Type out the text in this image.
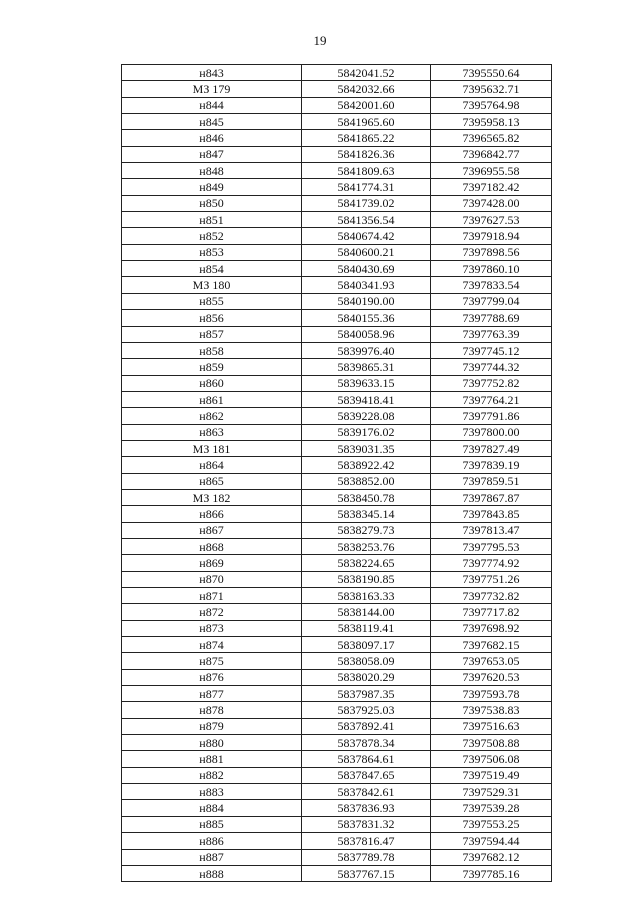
19
н843	5842041.52	7395550.64
МЗ 179	5842032.66	7395632.71
н844	5842001.60	7395764.98
н845	5841965.60	7395958.13
н846	5841865.22	7396565.82
н847	5841826.36	7396842.77
н848	5841809.63	7396955.58
н849	5841774.31	7397182.42
н850	5841739.02	7397428.00
н851	5841356.54	7397627.53
н852	5840674.42	7397918.94
н853	5840600.21	7397898.56
н854	5840430.69	7397860.10
МЗ 180	5840341.93	7397833.54
н855	5840190.00	7397799.04
н856	5840155.36	7397788.69
н857	5840058.96	7397763.39
н858	5839976.40	7397745.12
н859	5839865.31	7397744.32
н860	5839633.15	7397752.82
н861	5839418.41	7397764.21
н862	5839228.08	7397791.86
н863	5839176.02	7397800.00
МЗ 181	5839031.35	7397827.49
н864	5838922.42	7397839.19
н865	5838852.00	7397859.51
МЗ 182	5838450.78	7397867.87
н866	5838345.14	7397843.85
н867	5838279.73	7397813.47
н868	5838253.76	7397795.53
н869	5838224.65	7397774.92
н870	5838190.85	7397751.26
н871	5838163.33	7397732.82
н872	5838144.00	7397717.82
н873	5838119.41	7397698.92
н874	5838097.17	7397682.15
н875	5838058.09	7397653.05
н876	5838020.29	7397620.53
н877	5837987.35	7397593.78
н878	5837925.03	7397538.83
н879	5837892.41	7397516.63
н880	5837878.34	7397508.88
н881	5837864.61	7397506.08
н882	5837847.65	7397519.49
н883	5837842.61	7397529.31
н884	5837836.93	7397539.28
н885	5837831.32	7397553.25
н886	5837816.47	7397594.44
н887	5837789.78	7397682.12
н888	5837767.15	7397785.16
